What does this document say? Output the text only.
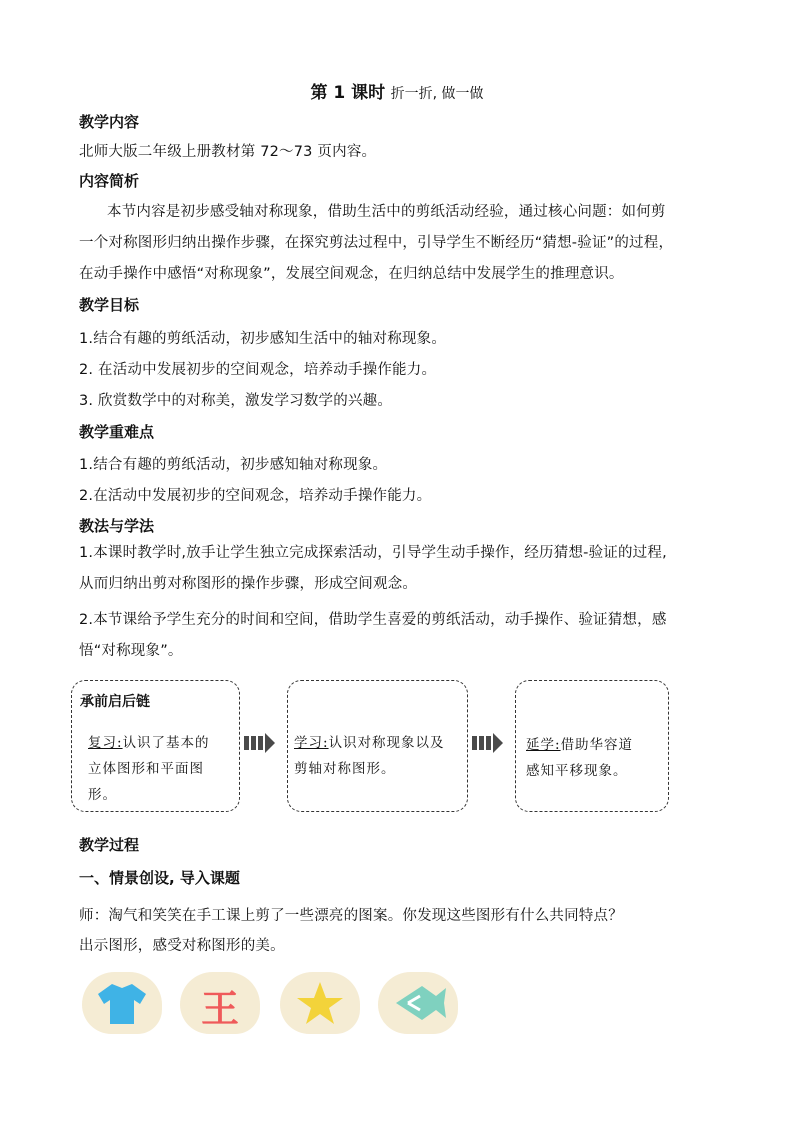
第 1 课时 折一折, 做一做
教学内容
北师大版二年级上册教材第 72～73 页内容。
内容简析
本节内容是初步感受轴对称现象，借助生活中的剪纸活动经验，通过核心问题：如何剪
一个对称图形归纳出操作步骤，在探究剪法过程中，引导学生不断经历“猜想-验证”的过程，
在动手操作中感悟“对称现象”，发展空间观念，在归纳总结中发展学生的推理意识。
教学目标
1.结合有趣的剪纸活动，初步感知生活中的轴对称现象。
2. 在活动中发展初步的空间观念，培养动手操作能力。
3. 欣赏数学中的对称美，激发学习数学的兴趣。
教学重难点
1.结合有趣的剪纸活动，初步感知轴对称现象。
2.在活动中发展初步的空间观念，培养动手操作能力。
教法与学法
1.本课时教学时,放手让学生独立完成探索活动，引导学生动手操作，经历猜想-验证的过程,
从而归纳出剪对称图形的操作步骤，形成空间观念。
2.本节课给予学生充分的时间和空间，借助学生喜爱的剪纸活动，动手操作、验证猜想，感
悟“对称现象”。
承前启后链
复习:认识了基本的
立体图形和平面图
形。
学习:认识对称现象以及
剪轴对称图形。
延学:借助华容道
感知平移现象。
教学过程
一、情景创设, 导入课题
师：淘气和笑笑在手工课上剪了一些漂亮的图案。你发现这些图形有什么共同特点？
出示图形，感受对称图形的美。
王
